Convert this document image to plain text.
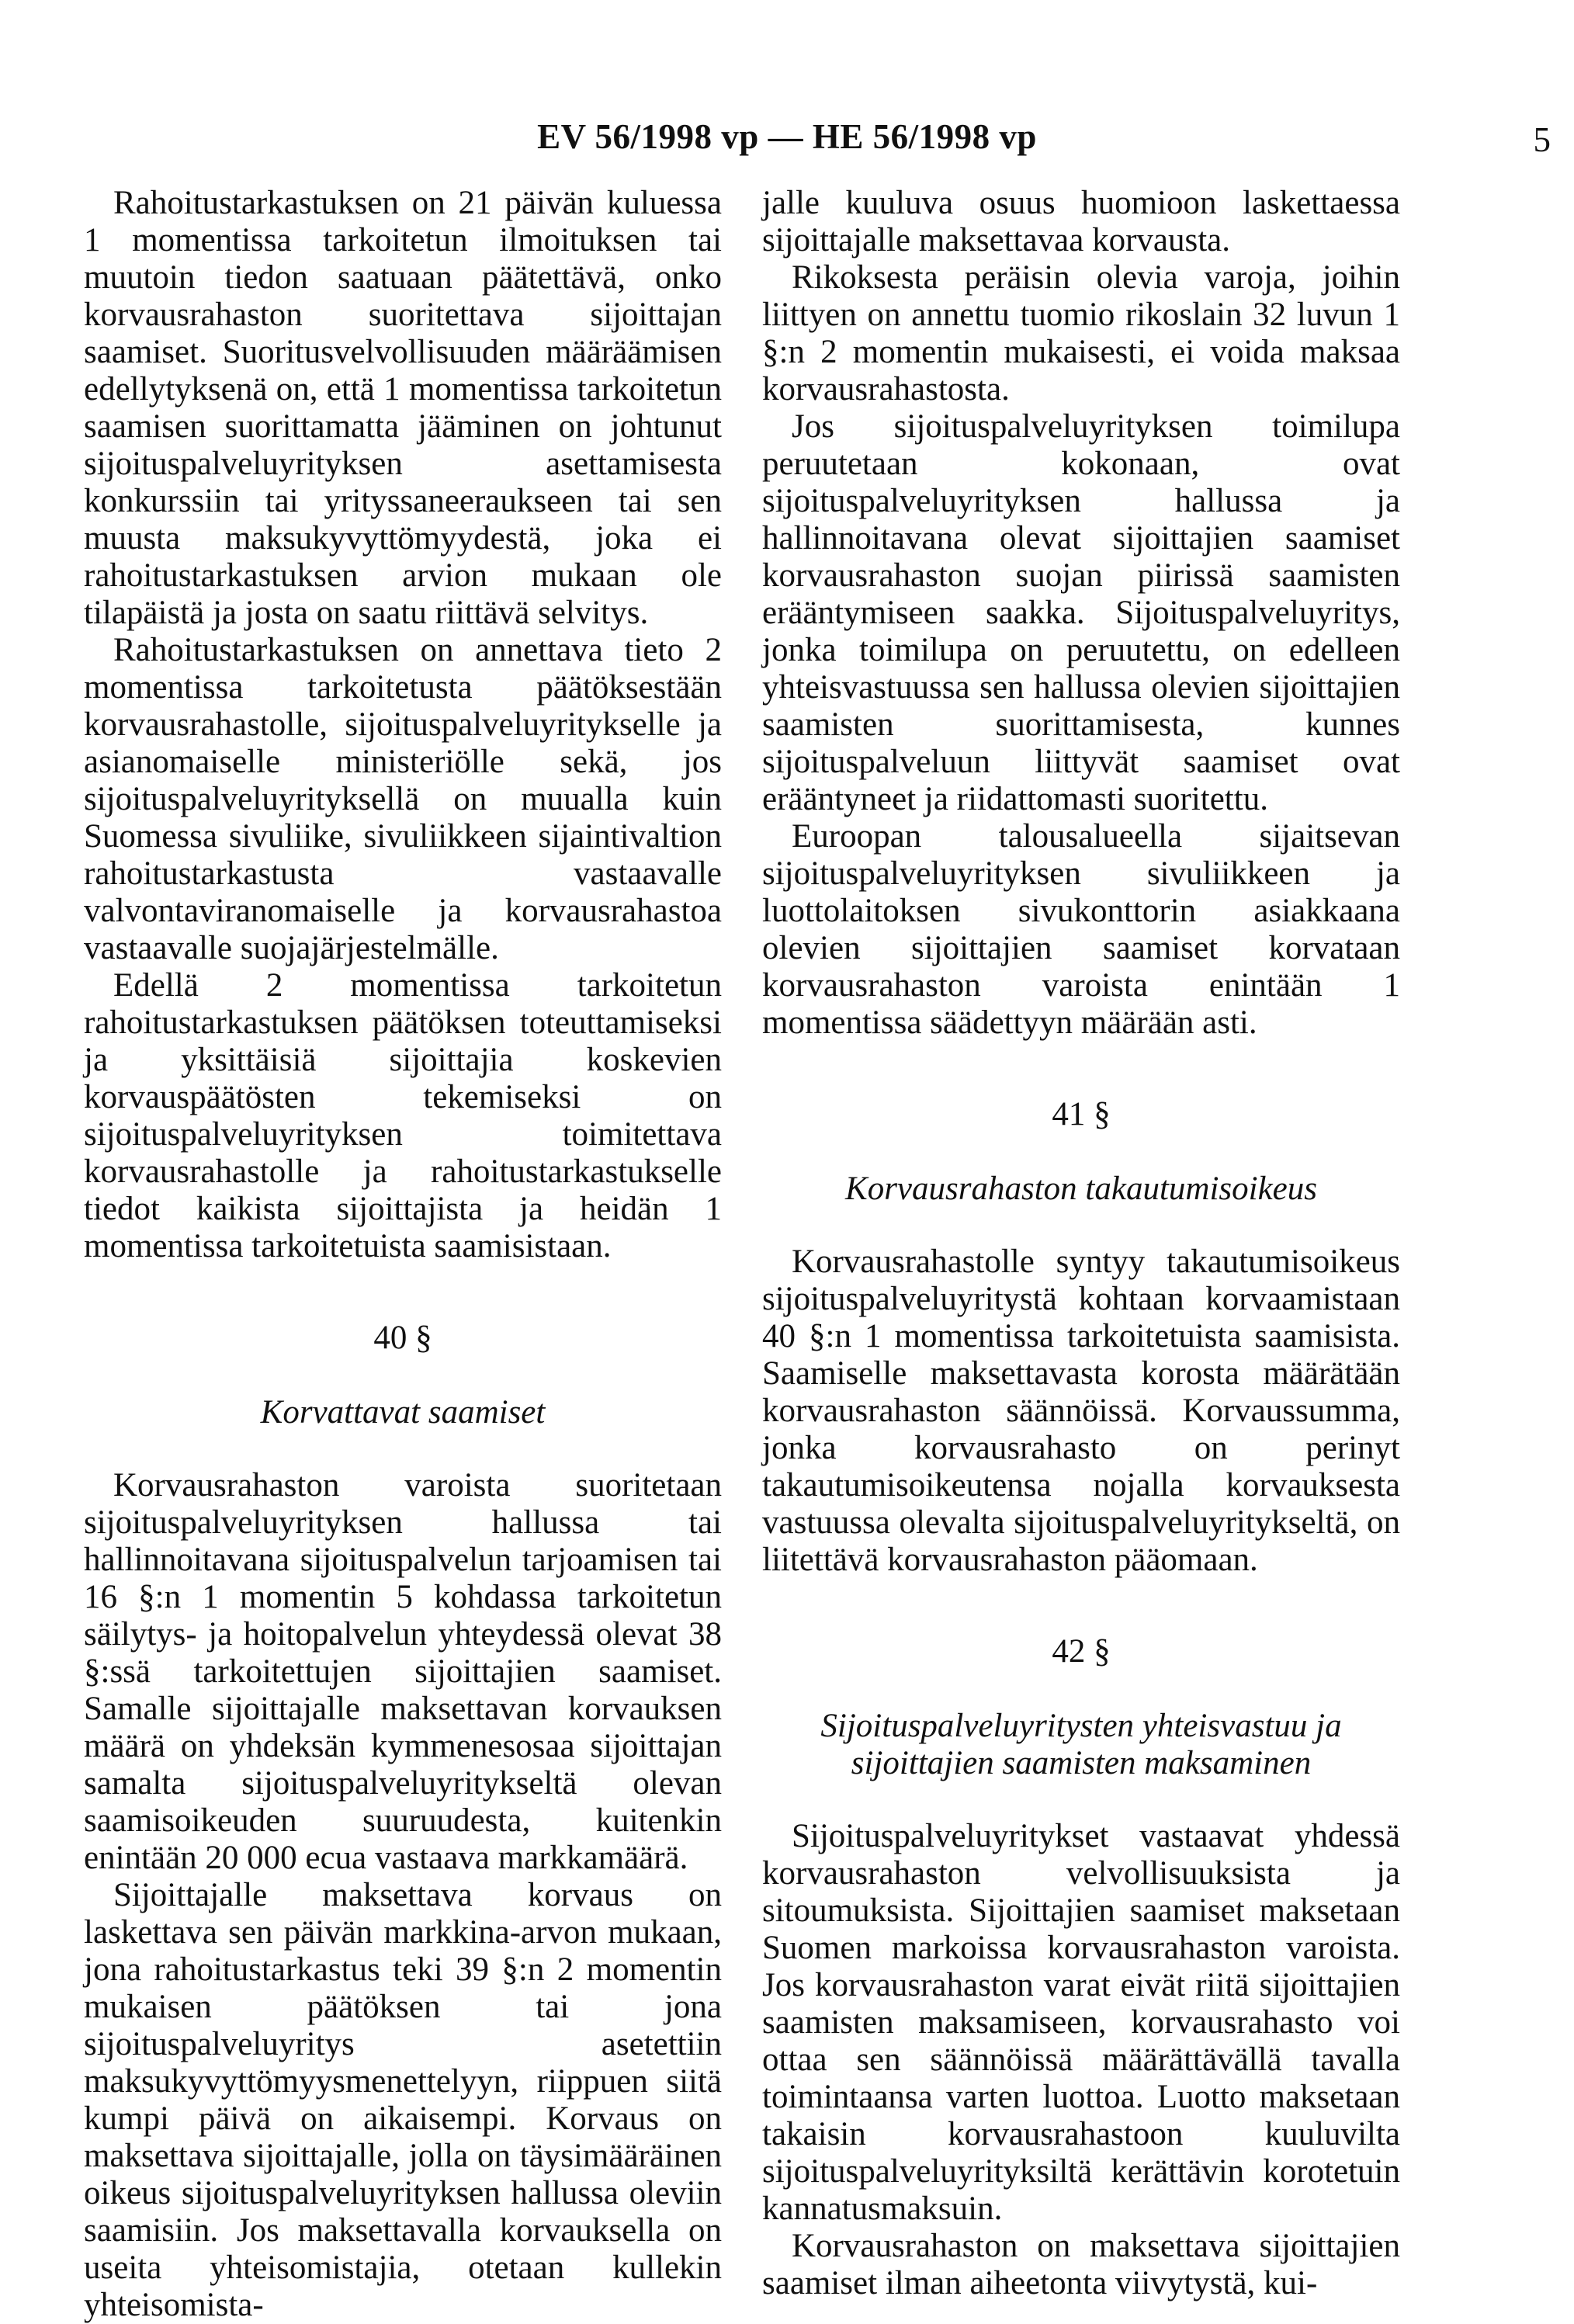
EV 56/1998 vp — HE 56/1998 vp	5

Rahoitustarkastuksen on 21 päivän kuluessa 1 momentissa tarkoitetun ilmoituksen tai muutoin tiedon saatuaan päätettävä, onko korvausrahaston suoritettava sijoittajan saamiset. Suoritusvelvollisuuden määräämisen edellytyksenä on, että 1 momentissa tarkoitetun saamisen suorittamatta jääminen on johtunut sijoituspalveluyrityksen asettamisesta konkurssiin tai yrityssaneeraukseen tai sen muusta maksukyvyttömyydestä, joka ei rahoitustarkastuksen arvion mukaan ole tilapäistä ja josta on saatu riittävä selvitys.

Rahoitustarkastuksen on annettava tieto 2 momentissa tarkoitetusta päätöksestään korvausrahastolle, sijoituspalveluyritykselle ja asianomaiselle ministeriölle sekä, jos sijoituspalveluyrityksellä on muualla kuin Suomessa sivuliike, sivuliikkeen sijaintivaltion rahoitustarkastusta vastaavalle valvontaviranomaiselle ja korvausrahastoa vastaavalle suojajärjestelmälle.

Edellä 2 momentissa tarkoitetun rahoitustarkastuksen päätöksen toteuttamiseksi ja yksittäisiä sijoittajia koskevien korvauspäätösten tekemiseksi on sijoituspalveluyrityksen toimitettava korvausrahastolle ja rahoitustarkastukselle tiedot kaikista sijoittajista ja heidän 1 momentissa tarkoitetuista saamisistaan.

40 §

Korvattavat saamiset

Korvausrahaston varoista suoritetaan sijoituspalveluyrityksen hallussa tai hallinnoitavana sijoituspalvelun tarjoamisen tai 16 §:n 1 momentin 5 kohdassa tarkoitetun säilytys- ja hoitopalvelun yhteydessä olevat 38 §:ssä tarkoitettujen sijoittajien saamiset. Samalle sijoittajalle maksettavan korvauksen määrä on yhdeksän kymmenesosaa sijoittajan samalta sijoituspalveluyritykseltä olevan saamisoikeuden suuruudesta, kuitenkin enintään 20 000 ecua vastaava markkamäärä.

Sijoittajalle maksettava korvaus on laskettava sen päivän markkina-arvon mukaan, jona rahoitustarkastus teki 39 §:n 2 momentin mukaisen päätöksen tai jona sijoituspalveluyritys asetettiin maksukyvyttömyysmenettelyyn, riippuen siitä kumpi päivä on aikaisempi. Korvaus on maksettava sijoittajalle, jolla on täysimääräinen oikeus sijoituspalveluyrityksen hallussa oleviin saamisiin. Jos maksettavalla korvauksella on useita yhteisomistajia, otetaan kullekin yhteisomista-

jalle kuuluva osuus huomioon laskettaessa sijoittajalle maksettavaa korvausta.

Rikoksesta peräisin olevia varoja, joihin liittyen on annettu tuomio rikoslain 32 luvun 1 §:n 2 momentin mukaisesti, ei voida maksaa korvausrahastosta.

Jos sijoituspalveluyrityksen toimilupa peruutetaan kokonaan, ovat sijoituspalveluyrityksen hallussa ja hallinnoitavana olevat sijoittajien saamiset korvausrahaston suojan piirissä saamisten erääntymiseen saakka. Sijoituspalveluyritys, jonka toimilupa on peruutettu, on edelleen yhteisvastuussa sen hallussa olevien sijoittajien saamisten suorittamisesta, kunnes sijoituspalveluun liittyvät saamiset ovat erääntyneet ja riidattomasti suoritettu.

Euroopan talousalueella sijaitsevan sijoituspalveluyrityksen sivuliikkeen ja luottolaitoksen sivukonttorin asiakkaana olevien sijoittajien saamiset korvataan korvausrahaston varoista enintään 1 momentissa säädettyyn määrään asti.

41 §

Korvausrahaston takautumisoikeus

Korvausrahastolle syntyy takautumisoikeus sijoituspalveluyritystä kohtaan korvaamistaan 40 §:n 1 momentissa tarkoitetuista saamisista. Saamiselle maksettavasta korosta määrätään korvausrahaston säännöissä. Korvaussumma, jonka korvausrahasto on perinyt takautumisoikeutensa nojalla korvauksesta vastuussa olevalta sijoituspalveluyritykseltä, on liitettävä korvausrahaston pääomaan.

42 §

Sijoituspalveluyritysten yhteisvastuu ja sijoittajien saamisten maksaminen

Sijoituspalveluyritykset vastaavat yhdessä korvausrahaston velvollisuuksista ja sitoumuksista. Sijoittajien saamiset maksetaan Suomen markoissa korvausrahaston varoista. Jos korvausrahaston varat eivät riitä sijoittajien saamisten maksamiseen, korvausrahasto voi ottaa sen säännöissä määrättävällä tavalla toimintaansa varten luottoa. Luotto maksetaan takaisin korvausrahastoon kuuluvilta sijoituspalveluyrityksiltä kerättävin korotetuin kannatusmaksuin.

Korvausrahaston on maksettava sijoittajien saamiset ilman aiheetonta viivytystä, kui-
